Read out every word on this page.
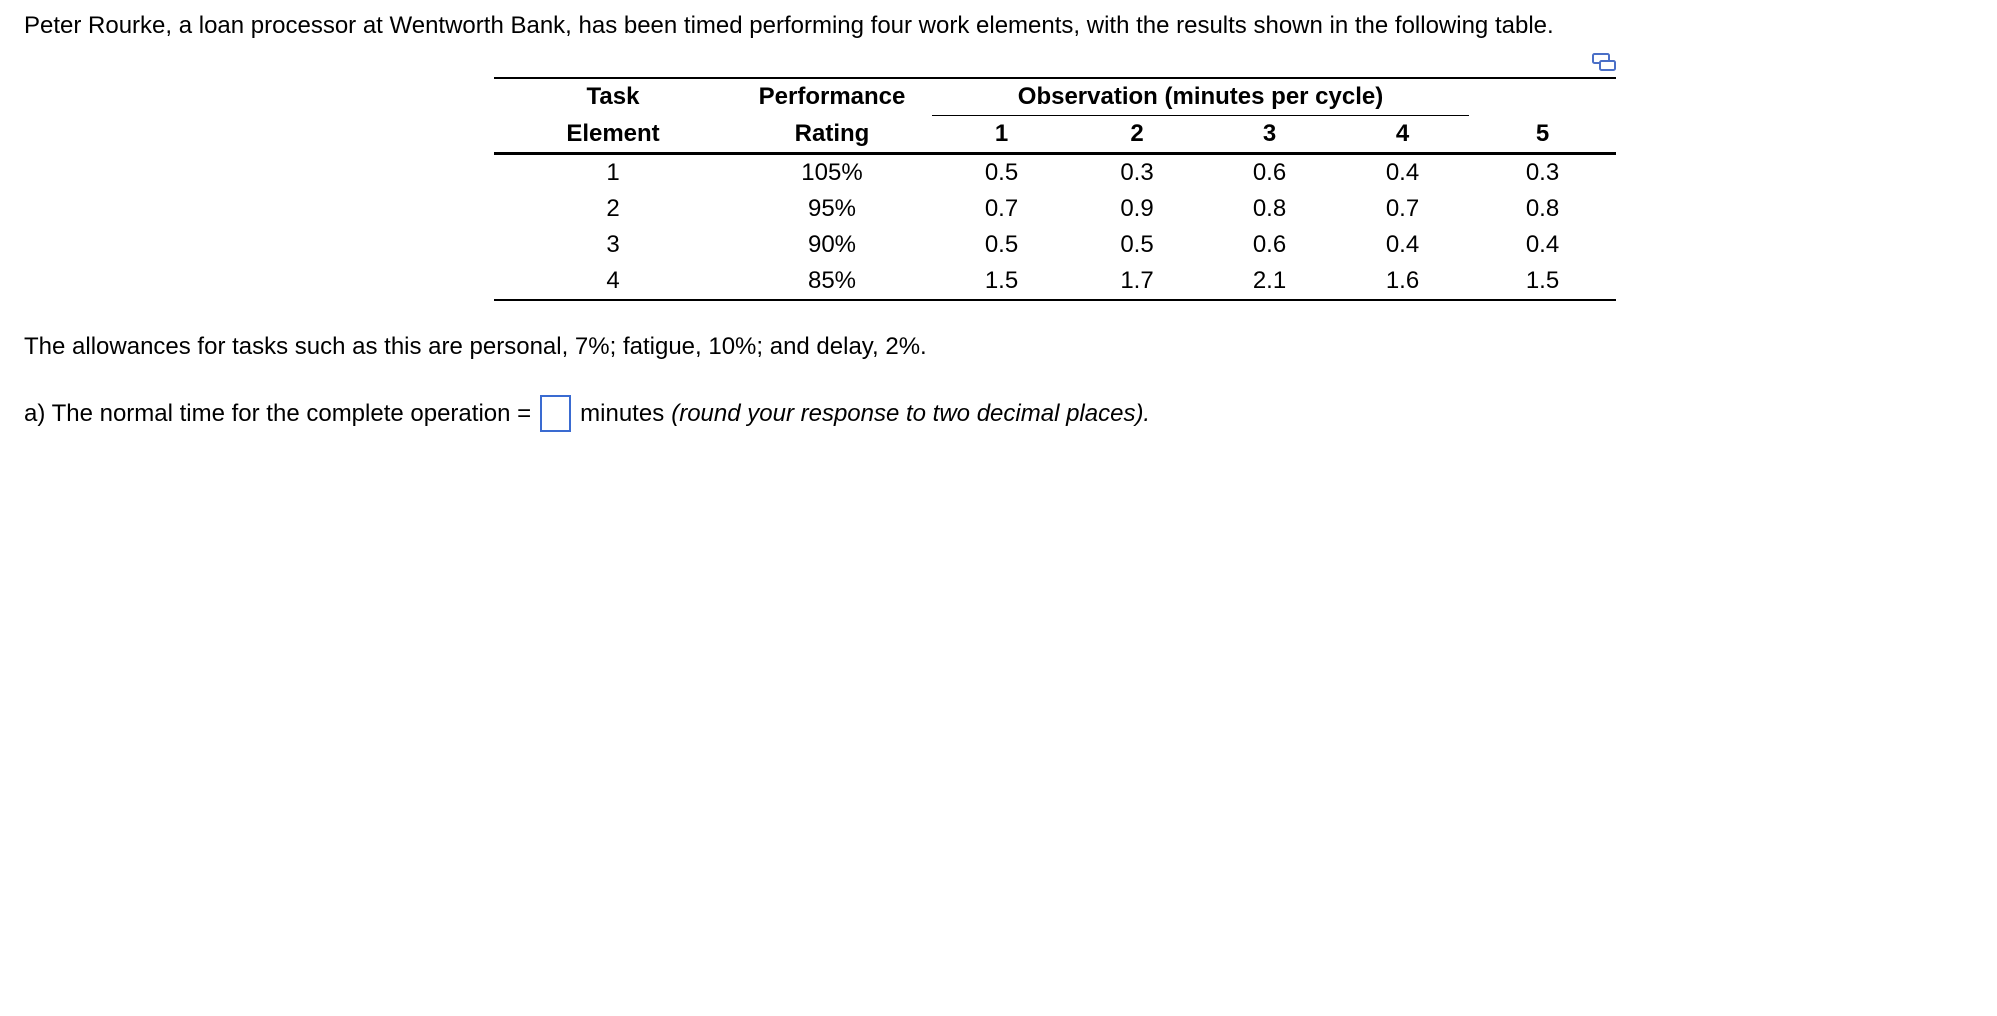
Peter Rourke, a loan processor at Wentworth Bank, has been timed performing four work elements, with the results shown in the following table.
Task	Performance	Observation (minutes per cycle)				
Element	Rating	1	2	3	4	5
1	105%	0.5	0.3	0.6	0.4	0.3
2	95%	0.7	0.9	0.8	0.7	0.8
3	90%	0.5	0.5	0.6	0.4	0.4
4	85%	1.5	1.7	2.1	1.6	1.5
The allowances for tasks such as this are personal, 7%; fatigue, 10%; and delay, 2%.
a) The normal time for the complete operation = minutes (round your response to two decimal places).
